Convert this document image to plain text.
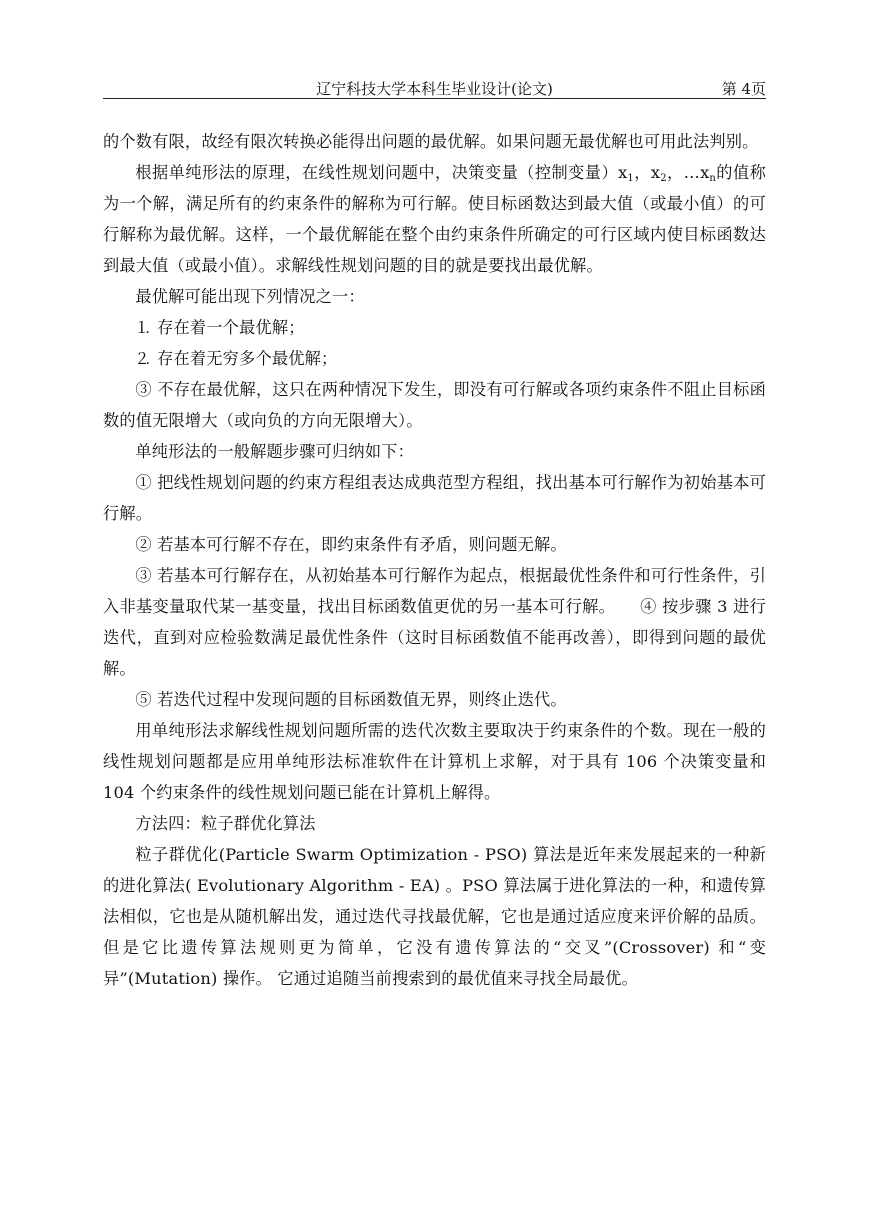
辽宁科技大学本科生毕业设计(论文)	第 4页

的个数有限，故经有限次转换必能得出问题的最优解。如果问题无最优解也可用此法判别。

根据单纯形法的原理，在线性规划问题中，决策变量（控制变量）$x_1$，$x_2$，$\dots x_n$的值称为一个解，满足所有的约束条件的解称为可行解。使目标函数达到最大值（或最小值）的可行解称为最优解。这样，一个最优解能在整个由约束条件所确定的可行区域内使目标函数达到最大值（或最小值）。求解线性规划问题的目的就是要找出最优解。

最优解可能出现下列情况之一：

⒈ 存在着一个最优解；

⒉ 存在着无穷多个最优解；

③ 不存在最优解，这只在两种情况下发生，即没有可行解或各项约束条件不阻止目标函数的值无限增大（或向负的方向无限增大）。

单纯形法的一般解题步骤可归纳如下：

① 把线性规划问题的约束方程组表达成典范型方程组，找出基本可行解作为初始基本可行解。

② 若基本可行解不存在，即约束条件有矛盾，则问题无解。

③ 若基本可行解存在，从初始基本可行解作为起点，根据最优性条件和可行性条件，引入非基变量取代某一基变量，找出目标函数值更优的另一基本可行解。　　④ 按步骤 3 进行迭代，直到对应检验数满足最优性条件（这时目标函数值不能再改善），即得到问题的最优解。

⑤ 若迭代过程中发现问题的目标函数值无界，则终止迭代。

用单纯形法求解线性规划问题所需的迭代次数主要取决于约束条件的个数。现在一般的线性规划问题都是应用单纯形法标准软件在计算机上求解，对于具有 106 个决策变量和 104 个约束条件的线性规划问题已能在计算机上解得。

方法四：粒子群优化算法

粒子群优化(Particle Swarm Optimization - PSO) 算法是近年来发展起来的一种新的进化算法( Evolutionary Algorithm - EA) 。PSO 算法属于进化算法的一种，和遗传算法相似，它也是从随机解出发，通过迭代寻找最优解，它也是通过适应度来评价解的品质。但是它比遗传算法规则更为简单，它没有遗传算法的“交叉”(Crossover) 和“变异”(Mutation) 操作。 它通过追随当前搜索到的最优值来寻找全局最优。
